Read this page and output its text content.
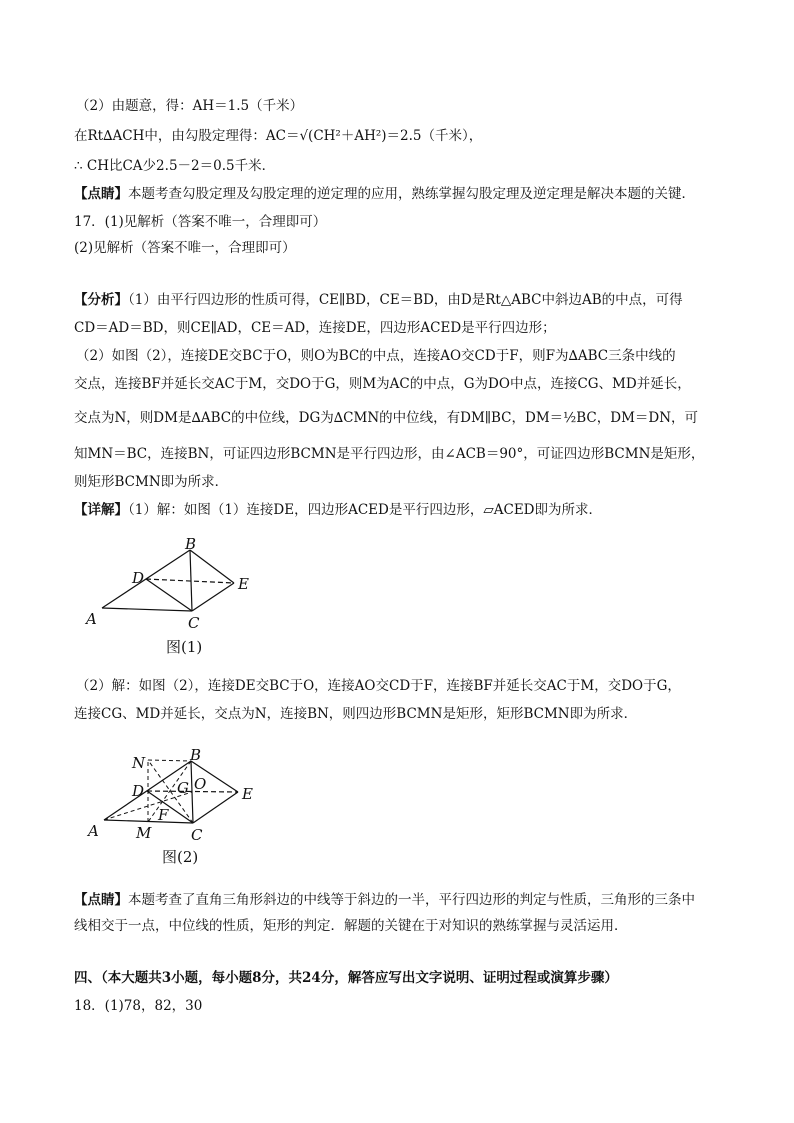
（2）由题意，得：AH＝1.5（千米）
在Rt∆ACH中，由勾股定理得：AC＝√(CH²＋AH²)＝2.5（千米），
∴ CH比CA少2.5－2＝0.5千米．
【点睛】本题考查勾股定理及勾股定理的逆定理的应用，熟练掌握勾股定理及逆定理是解决本题的关键．
17．(1)见解析（答案不唯一，合理即可）
(2)见解析（答案不唯一，合理即可）
【分析】（1）由平行四边形的性质可得，CE∥BD，CE＝BD，由D是Rt△ABC中斜边AB的中点，可得
CD＝AD＝BD，则CE∥AD，CE＝AD，连接DE，四边形ACED是平行四边形；
（2）如图（2），连接DE交BC于O，则O为BC的中点，连接AO交CD于F，则F为∆ABC三条中线的
交点，连接BF并延长交AC于M，交DO于G，则M为AC的中点，G为DO中点，连接CG、MD并延长，
交点为N，则DM是∆ABC的中位线，DG为∆CMN的中位线，有DM∥BC，DM＝½BC，DM＝DN，可
知MN＝BC，连接BN，可证四边形BCMN是平行四边形，由∠ACB＝90°，可证四边形BCMN是矩形，
则矩形BCMN即为所求．
【详解】（1）解：如图（1）连接DE，四边形ACED是平行四边形，▱ACED即为所求．
A
B
C
D	E
图(1)
（2）解：如图（2），连接DE交BC于O，连接AO交CD于F，连接BF并延长交AC于M，交DO于G，
连接CG、MD并延长，交点为N，连接BN，则四边形BCMN是矩形，矩形BCMN即为所求．
A
B
C
D	E
F
G O
M
N
图(2)
【点睛】本题考查了直角三角形斜边的中线等于斜边的一半，平行四边形的判定与性质，三角形的三条中
线相交于一点，中位线的性质，矩形的判定．解题的关键在于对知识的熟练掌握与灵活运用．
四、（本大题共3小题，每小题8分，共24分，解答应写出文字说明、证明过程或演算步骤）
18．(1)78，82，30
